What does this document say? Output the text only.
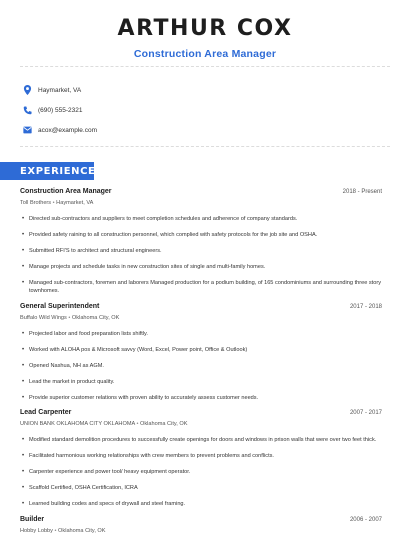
ARTHUR COX
Construction Area Manager
Haymarket, VA
(690) 555-2321
acox@example.com
EXPERIENCE
Construction Area Manager	2018 - Present
Toll Brothers • Haymarket, VA
• Directed sub-contractors and suppliers to meet completion schedules and adherence of company standards.
• Provided safety raining to all construction personnel, which complied with safety protocols for the job site and OSHA.
• Submitted RFI'S to architect and structural engineers.
• Manage projects and schedule tasks in new construction sites of single and multi-family homes.
• Managed sub-contractors, foremen and laborers Managed production for a podium building, of 165 condominiums and surrounding three story townhomes.
General Superintendent	2017 - 2018
Buffalo Wild Wings • Oklahoma City, OK
• Projected labor and food preparation lists shiftly.
• Worked with ALOHA pos & Microsoft savvy (Word, Excel, Power point, Office & Outlook)
• Opened Nashua, NH as AGM.
• Lead the market in product quality.
• Provide superior customer relations with proven ability to accurately assess customer needs.
Lead Carpenter	2007 - 2017
UNION BANK OKLAHOMA CITY OKLAHOMA • Oklahoma City, OK
• Modified standard demolition procedures to successfully create openings for doors and windows in prison walls that were over two feet thick.
• Facilitated harmonious working relationships with crew members to prevent problems and conflicts.
• Carpenter experience and power tool/ heavy equipment operator.
• Scaffold Certified, OSHA Certification, ICRA
• Learned building codes and specs of drywall and steel framing.
Builder	2006 - 2007
Hobby Lobby • Oklahoma City, OK
